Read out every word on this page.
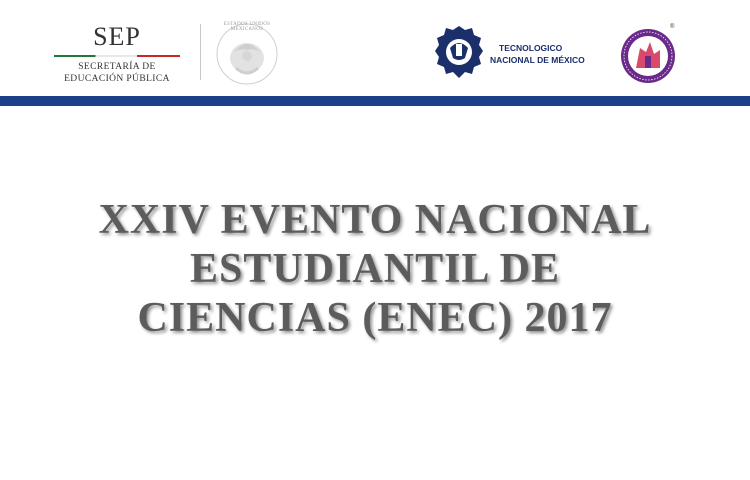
SEP
SECRETARÍA DE
EDUCACIÓN PÚBLICA
ESTADOS UNIDOS MEXICANOS
TECNOLOGICO
NACIONAL DE MÉXICO
®
XXIV EVENTO NACIONAL
ESTUDIANTIL DE
CIENCIAS (ENEC) 2017
